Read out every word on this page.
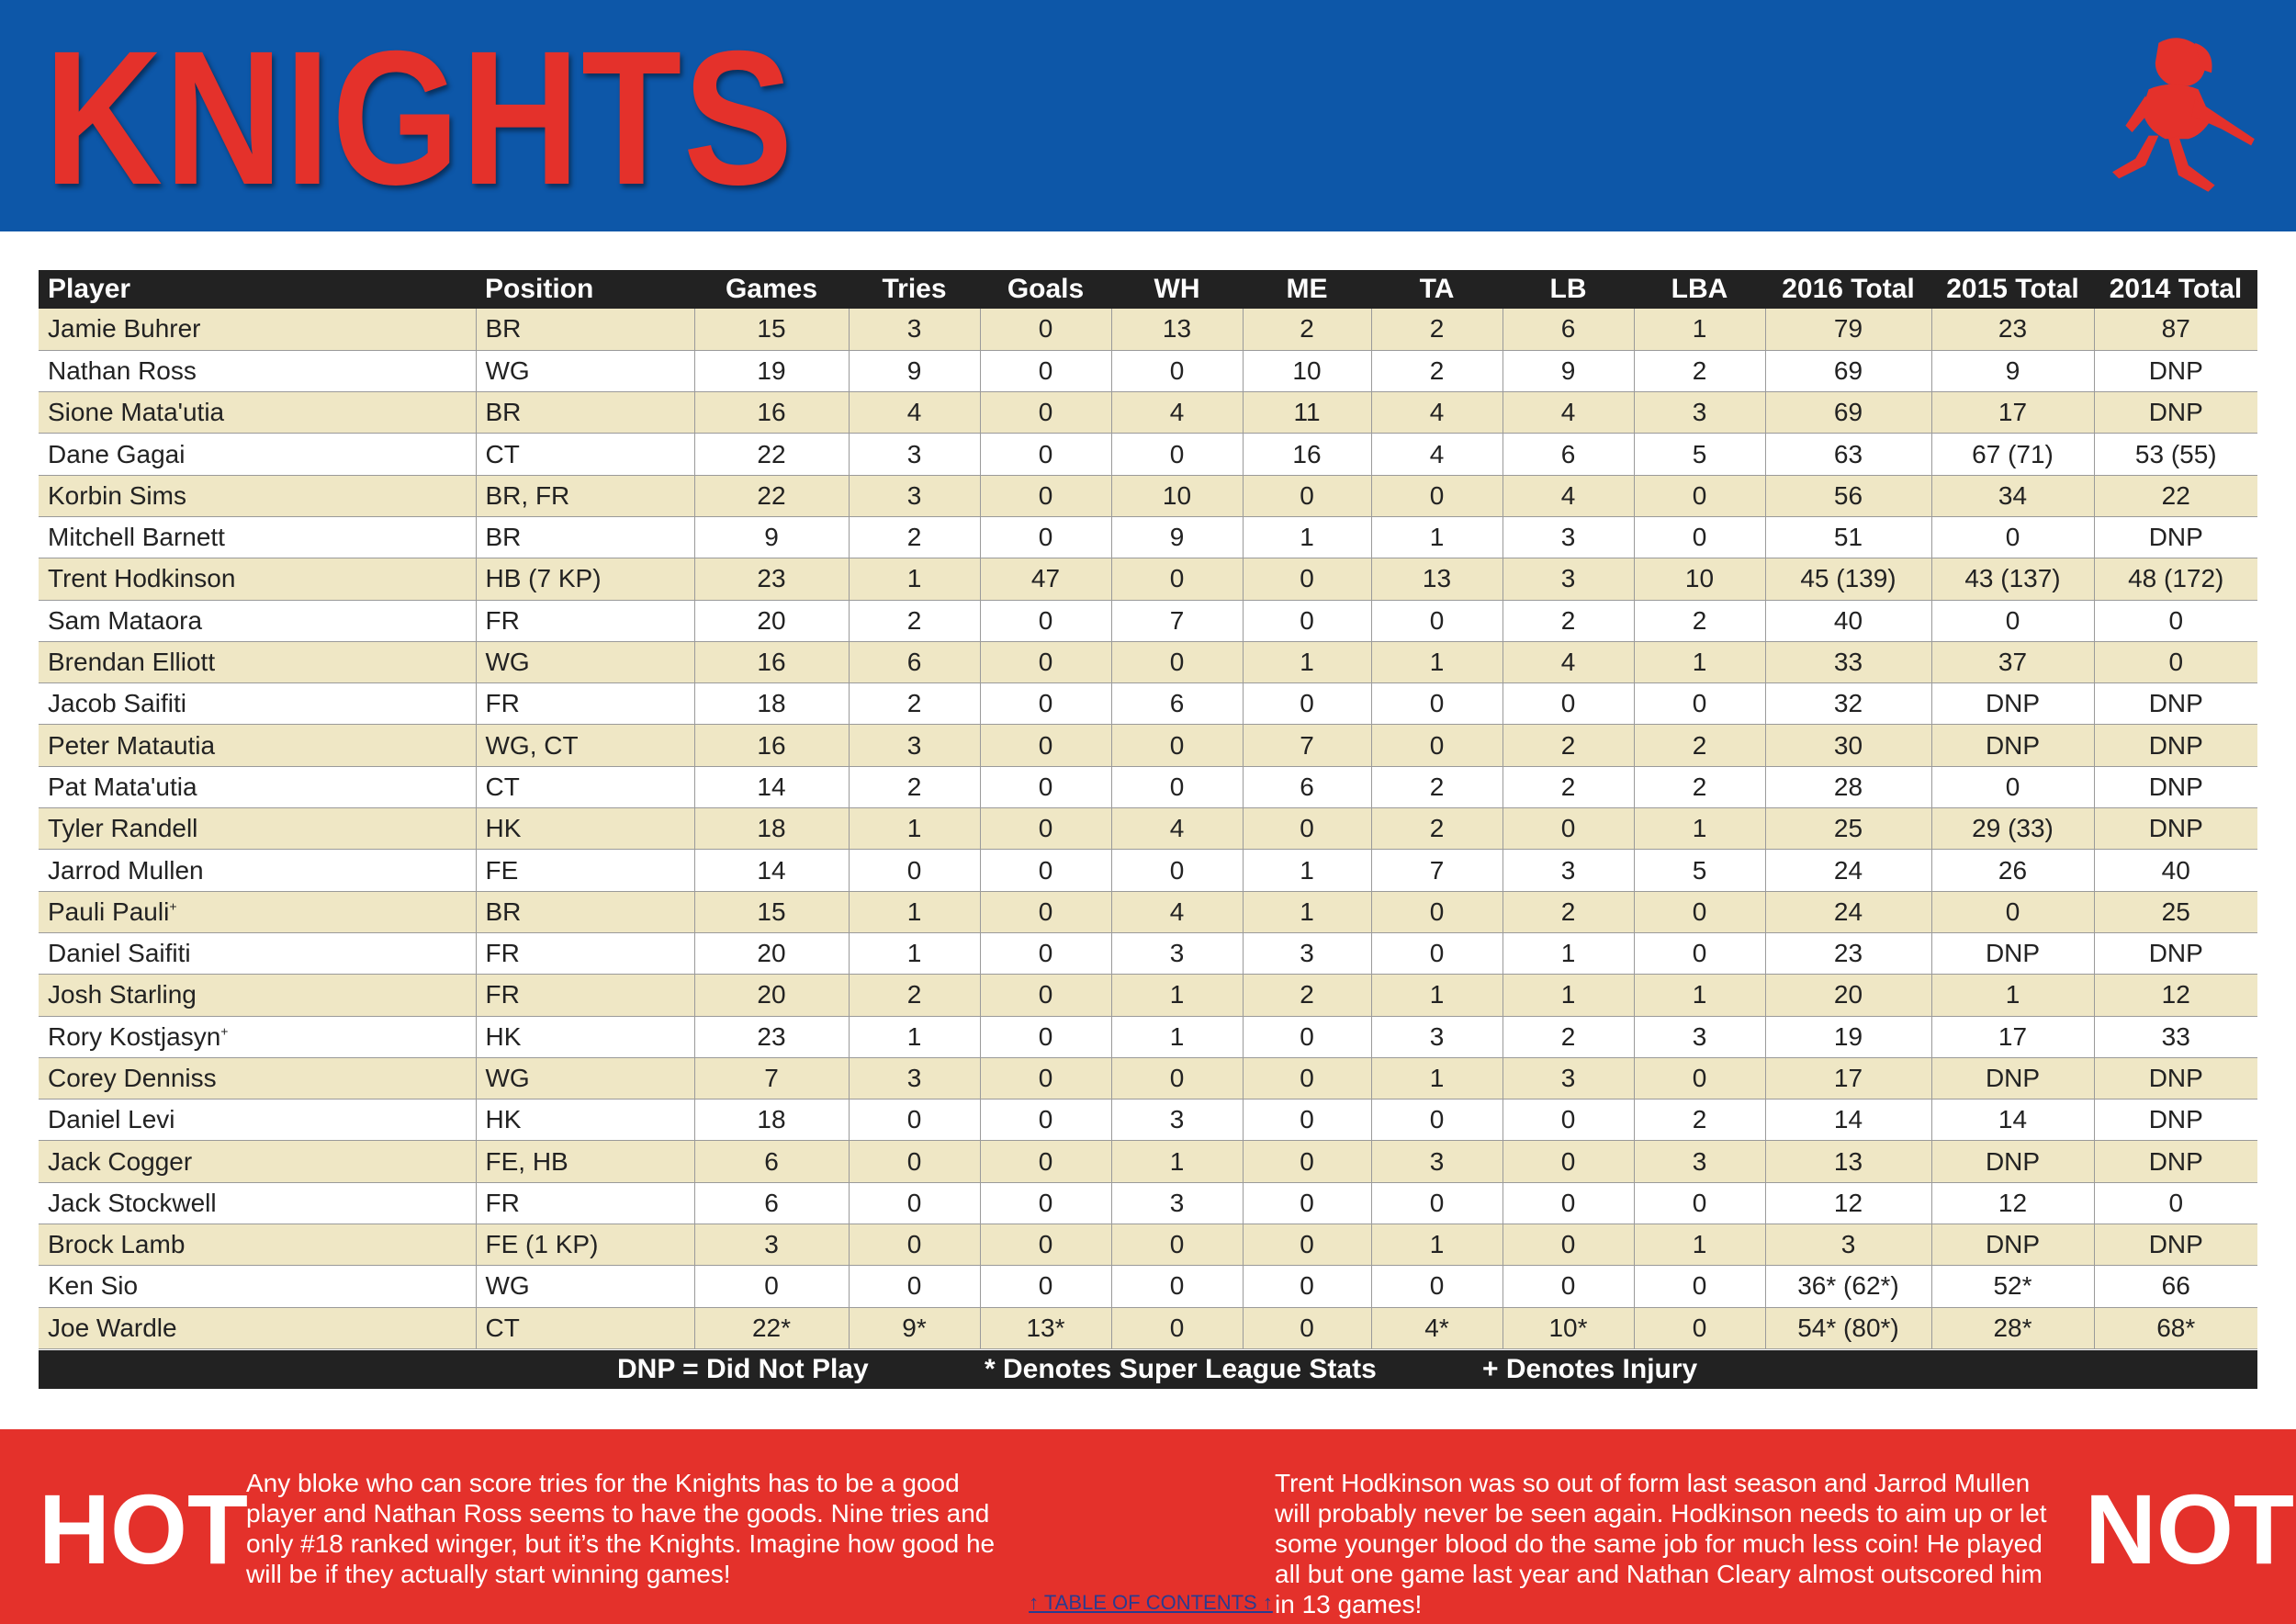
KNIGHTS
Player	Position	Games	Tries	Goals	WH	ME	TA	LB	LBA	2016 Total	2015 Total	2014 Total
Jamie Buhrer	BR	15	3	0	13	2	2	6	1	79	23	87
Nathan Ross	WG	19	9	0	0	10	2	9	2	69	9	DNP
Sione Mata'utia	BR	16	4	0	4	11	4	4	3	69	17	DNP
Dane Gagai	CT	22	3	0	0	16	4	6	5	63	67 (71)	53 (55)
Korbin Sims	BR, FR	22	3	0	10	0	0	4	0	56	34	22
Mitchell Barnett	BR	9	2	0	9	1	1	3	0	51	0	DNP
Trent Hodkinson	HB (7 KP)	23	1	47	0	0	13	3	10	45 (139)	43 (137)	48 (172)
Sam Mataora	FR	20	2	0	7	0	0	2	2	40	0	0
Brendan Elliott	WG	16	6	0	0	1	1	4	1	33	37	0
Jacob Saifiti	FR	18	2	0	6	0	0	0	0	32	DNP	DNP
Peter Matautia	WG, CT	16	3	0	0	7	0	2	2	30	DNP	DNP
Pat Mata'utia	CT	14	2	0	0	6	2	2	2	28	0	DNP
Tyler Randell	HK	18	1	0	4	0	2	0	1	25	29 (33)	DNP
Jarrod Mullen	FE	14	0	0	0	1	7	3	5	24	26	40
Pauli Pauli+	BR	15	1	0	4	1	0	2	0	24	0	25
Daniel Saifiti	FR	20	1	0	3	3	0	1	0	23	DNP	DNP
Josh Starling	FR	20	2	0	1	2	1	1	1	20	1	12
Rory Kostjasyn+	HK	23	1	0	1	0	3	2	3	19	17	33
Corey Denniss	WG	7	3	0	0	0	1	3	0	17	DNP	DNP
Daniel Levi	HK	18	0	0	3	0	0	0	2	14	14	DNP
Jack Cogger	FE, HB	6	0	0	1	0	3	0	3	13	DNP	DNP
Jack Stockwell	FR	6	0	0	3	0	0	0	0	12	12	0
Brock Lamb	FE (1 KP)	3	0	0	0	0	1	0	1	3	DNP	DNP
Ken Sio	WG	0	0	0	0	0	0	0	0	36* (62*)	52*	66
Joe Wardle	CT	22*	9*	13*	0	0	4*	10*	0	54* (80*)	28*	68*
DNP = Did Not Play	* Denotes Super League Stats	+ Denotes Injury
HOT
Any bloke who can score tries for the Knights has to be a good player and Nathan Ross seems to have the goods. Nine tries and only #18 ranked winger, but it’s the Knights. Imagine how good he will be if they actually start winning games!
Trent Hodkinson was so out of form last season and Jarrod Mullen will probably never be seen again. Hodkinson needs to aim up or let some younger blood do the same job for much less coin! He played all but one game last year and Nathan Cleary almost outscored him in 13 games!
NOT
↑ TABLE OF CONTENTS ↑
